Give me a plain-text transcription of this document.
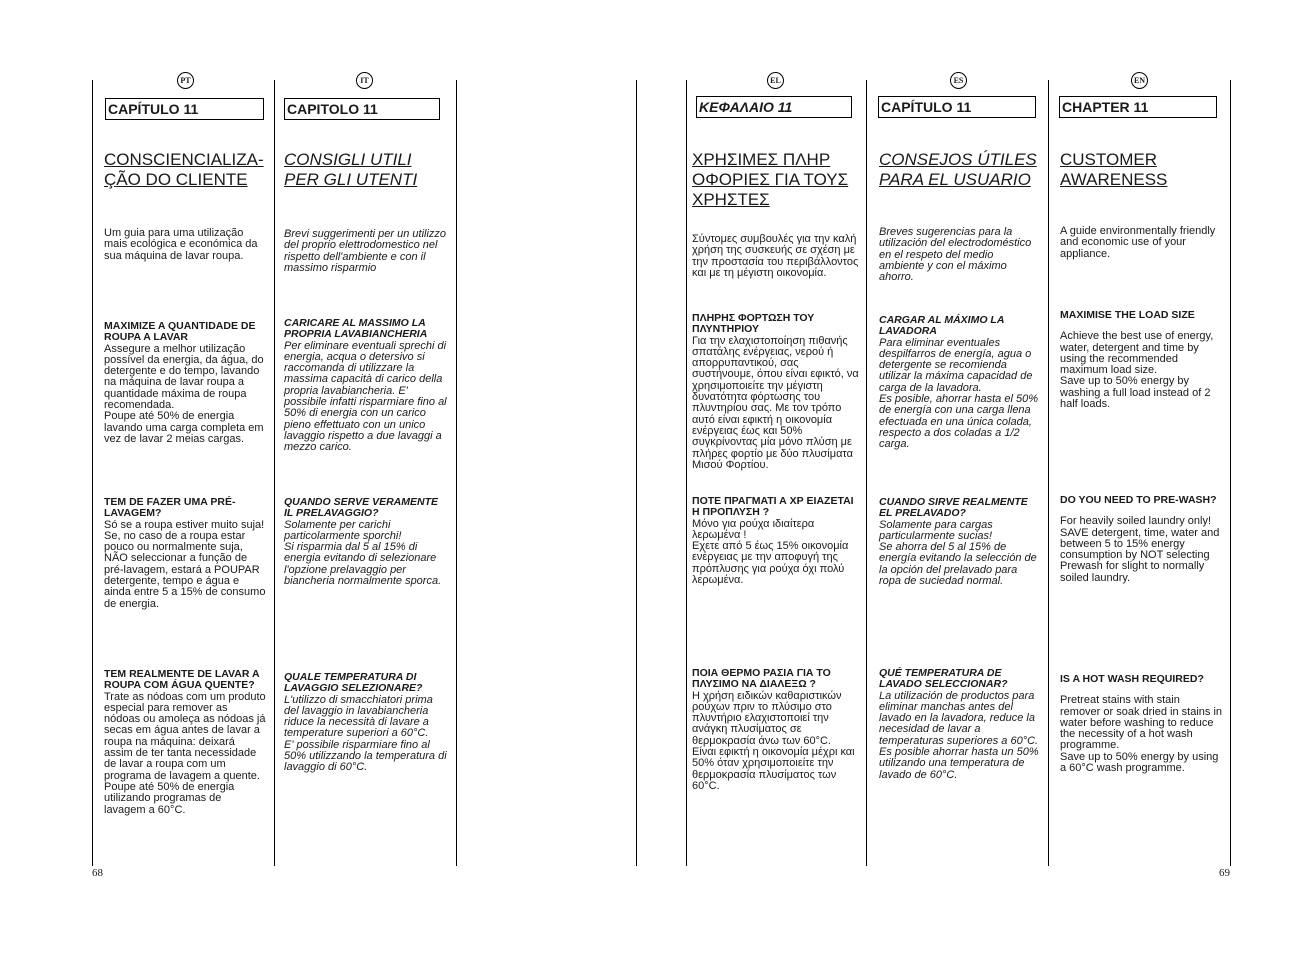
PT
CAPÍTULO 11
CONSCIENCIALIZA-
ÇÃO DO CLIENTE

Um guia para uma utilização mais ecológica e económica da sua máquina de lavar roupa.

MAXIMIZE A QUANTIDADE DE ROUPA A LAVAR
Assegure a melhor utilização possível da energia, da água, do detergente e do tempo, lavando na máquina de lavar roupa a quantidade máxima de roupa recomendada.
Poupe até 50% de energia lavando uma carga completa em vez de lavar 2 meias cargas.
TEM DE FAZER UMA PRÉ-LAVAGEM?
Só se a roupa estiver muito suja!
Se, no caso de a roupa estar pouco ou normalmente suja, NÃO seleccionar a função de pré-lavagem, estará a POUPAR detergente, tempo e água e ainda entre 5 a 15% de consumo de energia.
TEM REALMENTE DE LAVAR A ROUPA COM ÁGUA QUENTE?
Trate as nódoas com um produto especial para remover as nódoas ou amoleça as nódoas já secas em água antes de lavar a roupa na máquina: deixará assim de ter tanta necessidade de lavar a roupa com um programa de lavagem a quente.
Poupe até 50% de energia utilizando programas de lavagem a 60°C.
IT
CAPITOLO 11
CONSIGLI UTILI
PER GLI UTENTI

Brevi suggerimenti per un utilizzo del proprio elettrodomestico nel rispetto dell'ambiente e con il massimo risparmio

CARICARE AL MASSIMO LA PROPRIA LAVABIANCHERIA
Per eliminare eventuali sprechi di energia, acqua o detersivo si raccomanda di utilizzare la massima capacità di carico della propria lavabiancheria. E' possibile infatti risparmiare fino al 50% di energia con un carico pieno effettuato con un unico lavaggio rispetto a due lavaggi a mezzo carico.
QUANDO SERVE VERAMENTE IL PRELAVAGGIO?
Solamente per carichi particolarmente sporchi!
Si risparmia dal 5 al 15% di energia evitando di selezionare l'opzione prelavaggio per biancheria normalmente sporca.
QUALE TEMPERATURA DI LAVAGGIO SELEZIONARE?
L'utilizzo di smacchiatori prima del lavaggio in lavabiancheria riduce la necessità di lavare a temperature superiori a 60°C.
E' possibile risparmiare fino al 50% utilizzando la temperatura di lavaggio di 60°C.
68
EL
ΚΕΦΑΛΑΙΟ 11
ΧΡΗΣΙΜΕΣ ΠΛΗΡ
ΟΦΟΡΙΕΣ ΓΙΑ ΤΟΥΣ
ΧΡΗΣΤΕΣ

Σύντομες συμβουλές για την καλή χρήση της συσκευής σε σχέση με την προστασία του περιβάλλοντος και με τη μέγιστη οικονομία.

ΠΛΗΡΗΣ ΦΟΡΤΩΣΗ ΤΟΥ ΠΛΥΝΤΗΡΙΟΥ
Για την ελαχιστοποίηση πιθανής σπατάλης ενέργειας, νερού ή απορρυπαντικού, σας συστήνουμε, όπου είναι εφικτό, να χρησιμοποιείτε την μέγιστη δυνατότητα φόρτωσης του πλυντηρίου σας. Με τον τρόπο αυτό είναι εφικτή η οικονομία ενέργειας έως και 50% συγκρίνοντας μία μόνο πλύση με πλήρες φορτίο με δύο πλυσίματα Μισού Φορτίου.
ΠΟΤΕ ΠΡΑΓΜΑΤΙ Α ΧΡ ΕΙΑΖΕΤΑΙ Η ΠΡΟΠΛΥΣΗ ?
Μόνο για ρούχα ιδιαίτερα λερωμένα !
Εχετε από 5 έως 15% οικονομία ενέργειας με την αποφυγή της πρόπλυσης για ρούχα όχι πολύ λερωμένα.
ΠΟΙΑ ΘΕΡΜΟ ΡΑΣΙΑ ΓΙΑ ΤΟ ΠΛΥΣΙΜΟ ΝΑ ΔΙΑΛΕΞΩ ?
Η χρήση ειδικών καθαριστικών ρούχων πριν το πλύσιμο στο πλυντήριο ελαχιστοποιεί την ανάγκη πλυσίματος σε θερμοκρασία άνω των 60°C.
Είναι εφικτή η οικονομία μέχρι και 50% όταν χρησιμοποιείτε την θερμοκρασία πλυσίματος των 60°C.
ES
CAPÍTULO 11
CONSEJOS ÚTILES
PARA EL USUARIO

Breves sugerencias para la utilización del electrodoméstico en el respeto del medio ambiente y con el máximo ahorro.

CARGAR AL MÁXIMO LA LAVADORA
Para eliminar eventuales despilfarros de energía, agua o detergente se recomienda utilizar la máxima capacidad de carga de la lavadora.
Es posible, ahorrar hasta el 50% de energía con una carga llena efectuada en una única colada, respecto a dos coladas a 1/2 carga.
CUANDO SIRVE REALMENTE EL PRELAVADO?
Solamente para cargas particularmente sucias!
Se ahorra del 5 al 15% de energía evitando la selección de la opción del prelavado para ropa de suciedad normal.
QUÉ TEMPERATURA DE LAVADO SELECCIONAR?
La utilización de productos para eliminar manchas antes del lavado en la lavadora, reduce la necesidad de lavar a temperaturas superiores a 60°C. Es posible ahorrar hasta un 50% utilizando una temperatura de lavado de 60°C.
EN
CHAPTER 11
CUSTOMER
AWARENESS

A guide environmentally friendly and economic use of your appliance.

MAXIMISE THE LOAD SIZE
Achieve the best use of energy, water, detergent and time by using the recommended maximum load size.
Save up to 50% energy by washing a full load instead of 2 half loads.
DO YOU NEED TO PRE-WASH?
For heavily soiled laundry only!
SAVE detergent, time, water and between 5 to 15% energy consumption by NOT selecting Prewash for slight to normally soiled laundry.
IS A HOT WASH REQUIRED?
Pretreat stains with stain remover or soak dried in stains in water before washing to reduce the necessity of a hot wash programme.
Save up to 50% energy by using a 60°C wash programme.
69
